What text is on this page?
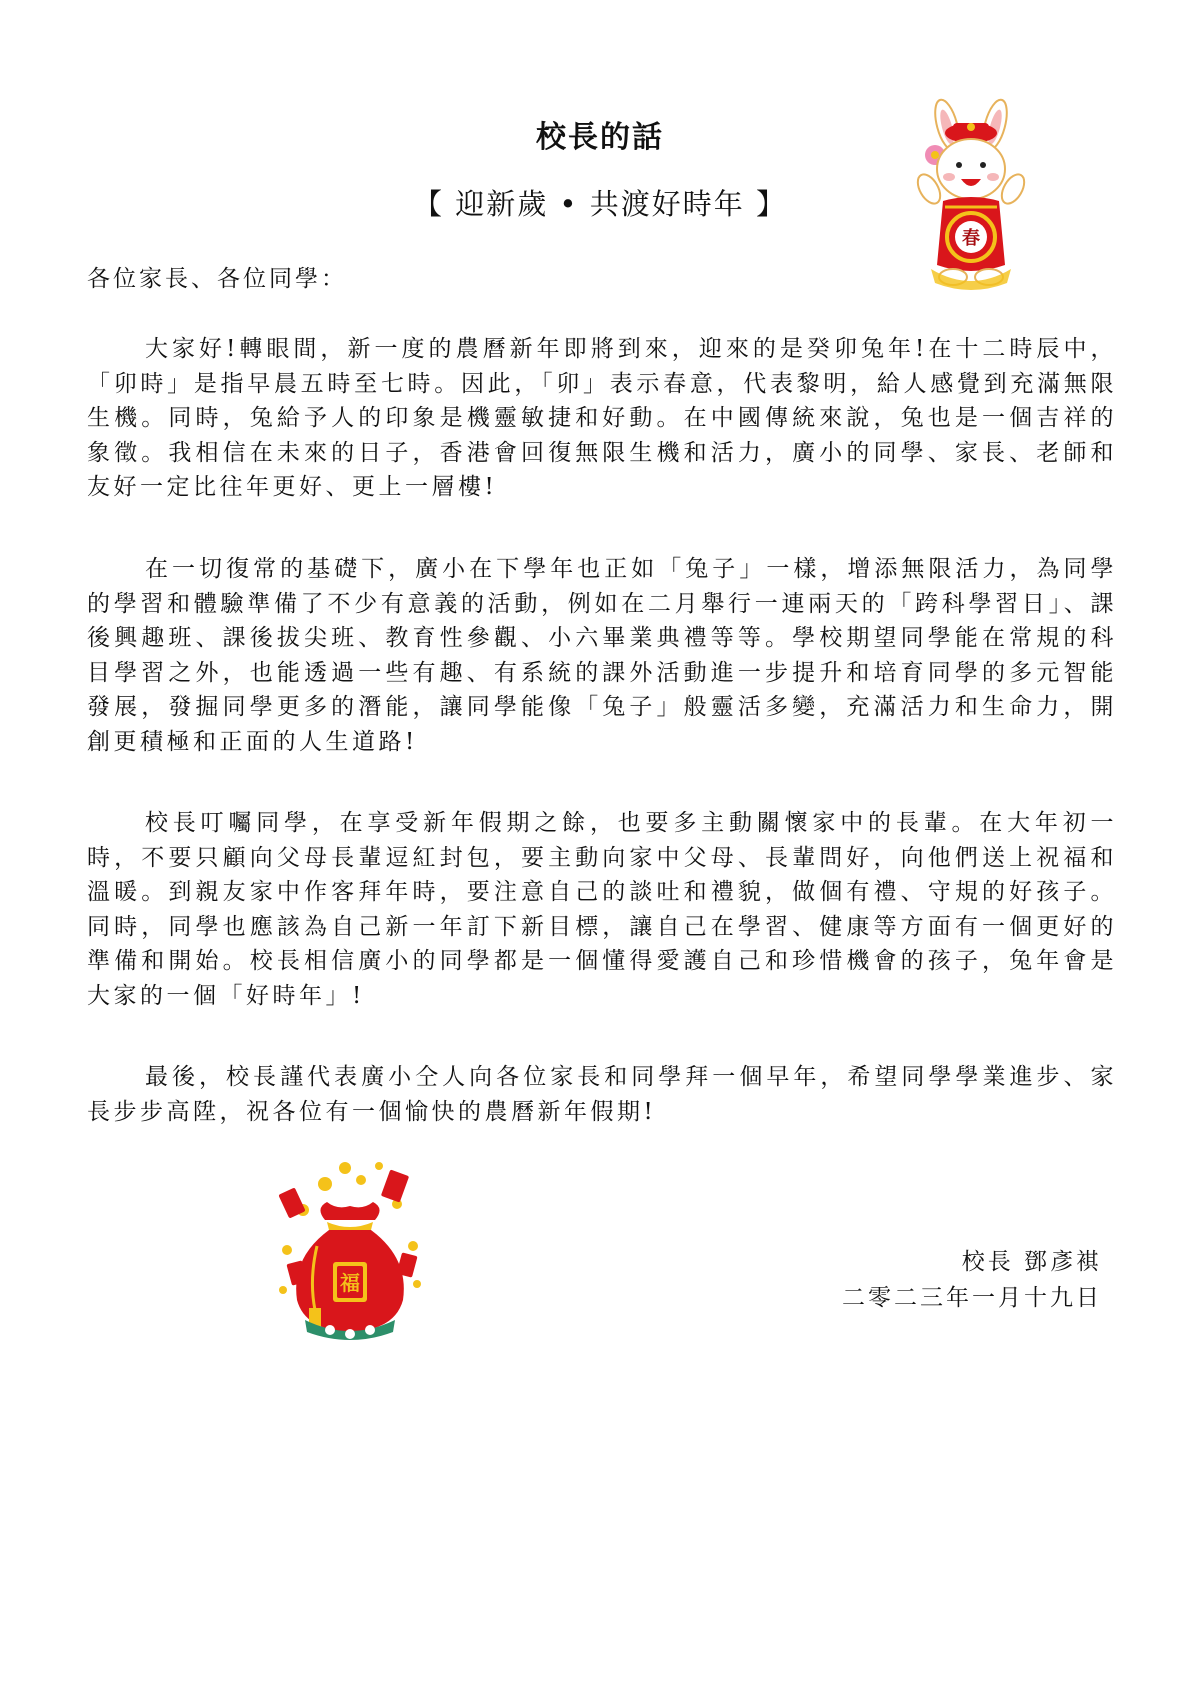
校長的話
【 迎新歲 • 共渡好時年 】
春
各位家長、各位同學：

大家好!轉眼間，新一度的農曆新年即將到來，迎來的是癸卯兔年!在十二時辰中，「卯時」是指早晨五時至七時。因此，「卯」表示春意，代表黎明，給人感覺到充滿無限生機。同時，兔給予人的印象是機靈敏捷和好動。在中國傳統來說，兔也是一個吉祥的象徵。我相信在未來的日子，香港會回復無限生機和活力，廣小的同學、家長、老師和友好一定比往年更好、更上一層樓!

在一切復常的基礎下，廣小在下學年也正如「兔子」一樣，增添無限活力，為同學的學習和體驗準備了不少有意義的活動，例如在二月舉行一連兩天的「跨科學習日」、課後興趣班、課後拔尖班、教育性參觀、小六畢業典禮等等。學校期望同學能在常規的科目學習之外，也能透過一些有趣、有系統的課外活動進一步提升和培育同學的多元智能發展，發掘同學更多的潛能，讓同學能像「兔子」般靈活多變，充滿活力和生命力，開創更積極和正面的人生道路!

校長叮囑同學，在享受新年假期之餘，也要多主動關懷家中的長輩。在大年初一時，不要只顧向父母長輩逗紅封包，要主動向家中父母、長輩問好，向他們送上祝福和溫暖。到親友家中作客拜年時，要注意自己的談吐和禮貌，做個有禮、守規的好孩子。同時，同學也應該為自己新一年訂下新目標，讓自己在學習、健康等方面有一個更好的準備和開始。校長相信廣小的同學都是一個懂得愛護自己和珍惜機會的孩子，兔年會是大家的一個「好時年」!

最後，校長謹代表廣小仝人向各位家長和同學拜一個早年，希望同學學業進步、家長步步高陞，祝各位有一個愉快的農曆新年假期!

福
校長 鄧彥褀
二零二三年一月十九日
